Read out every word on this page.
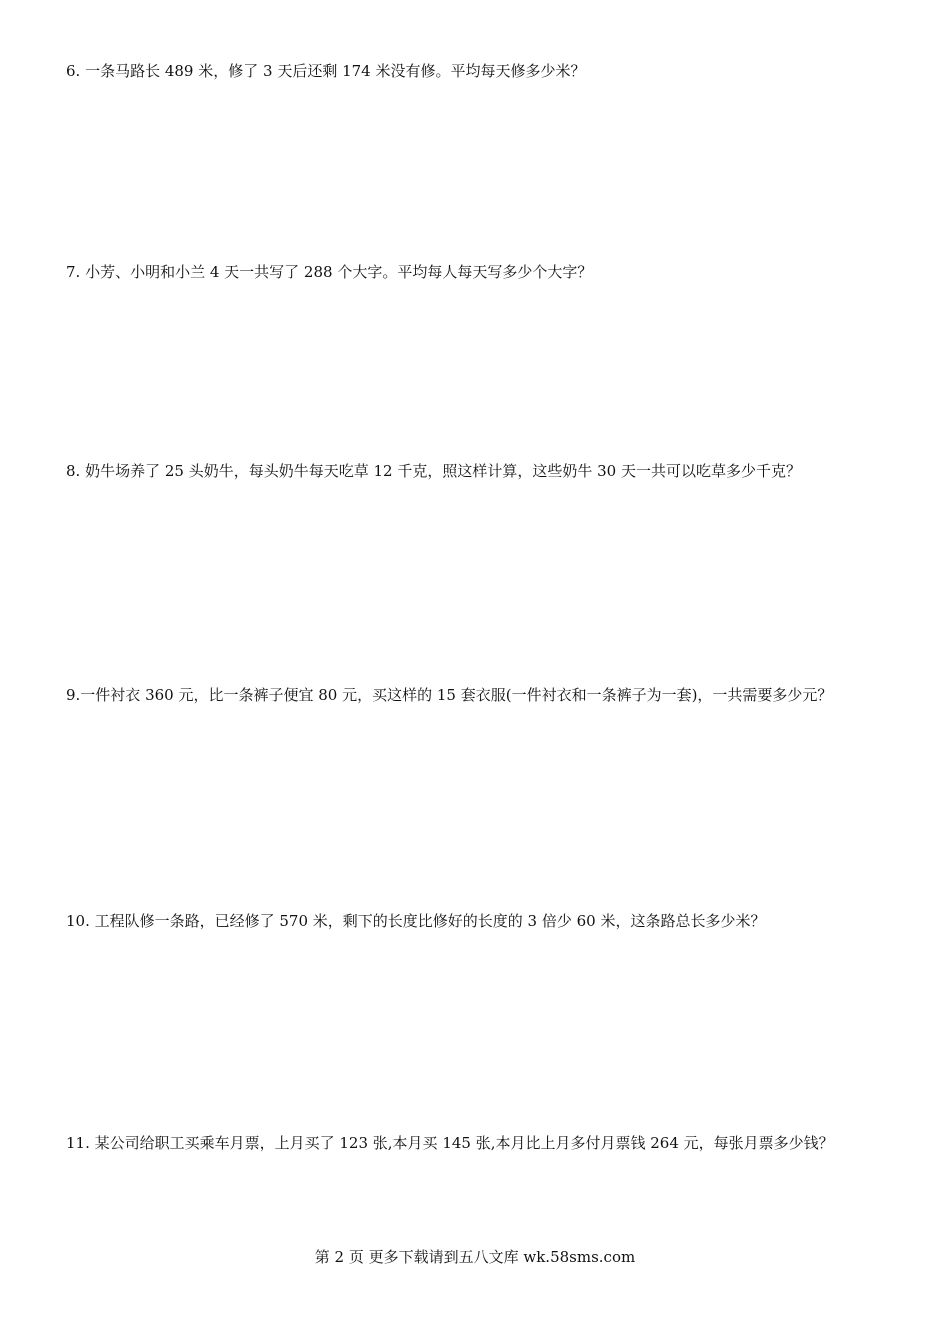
6. 一条马路长 489 米，修了 3 天后还剩 174 米没有修。平均每天修多少米？
7. 小芳、小明和小兰 4 天一共写了 288 个大字。平均每人每天写多少个大字？
8. 奶牛场养了 25 头奶牛，每头奶牛每天吃草 12 千克，照这样计算，这些奶牛 30 天一共可以吃草多少千克？
9.一件衬衣 360 元，比一条裤子便宜 80 元，买这样的 15 套衣服(一件衬衣和一条裤子为一套)，一共需要多少元？
10. 工程队修一条路，已经修了 570 米，剩下的长度比修好的长度的 3 倍少 60 米，这条路总长多少米？
11. 某公司给职工买乘车月票，上月买了 123 张,本月买 145 张,本月比上月多付月票钱 264 元，每张月票多少钱？
第 2 页 更多下载请到五八文库 wk.58sms.com
